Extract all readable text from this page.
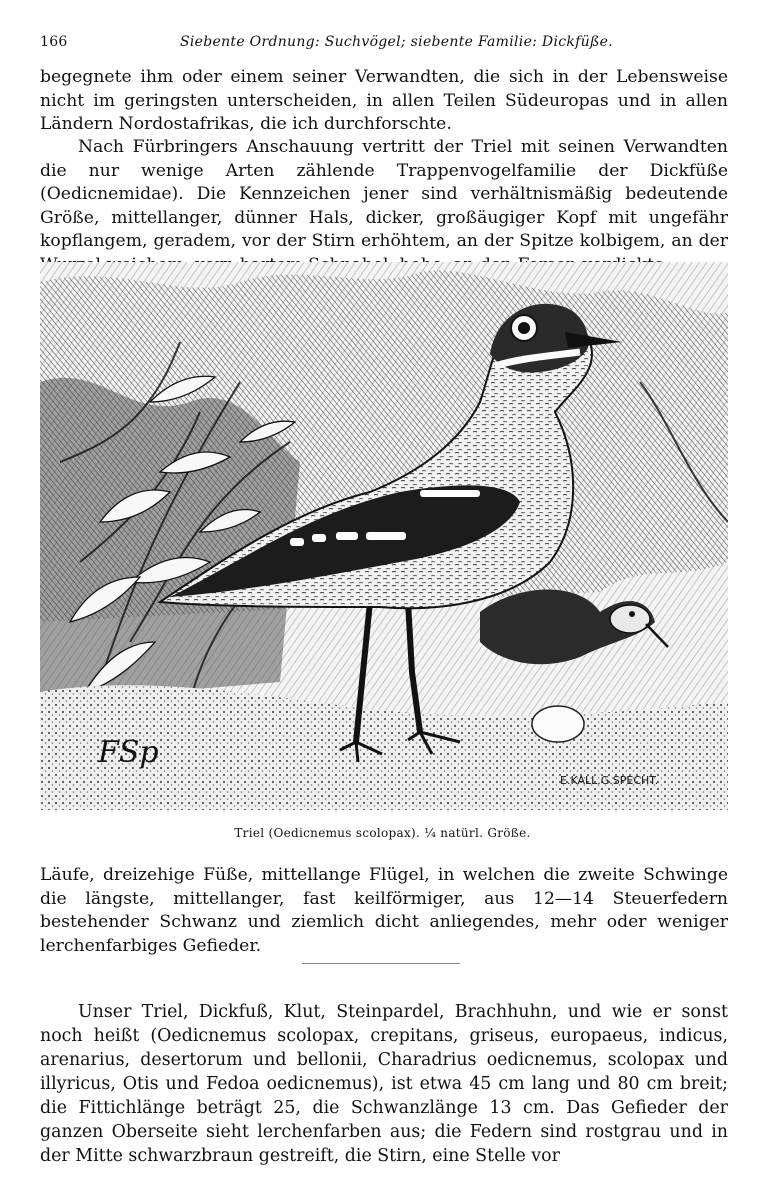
166	Siebente Ordnung: Suchvögel; siebente Familie: Dickfüße.

begegnete ihm oder einem seiner Verwandten, die sich in der Lebensweise nicht im geringsten unterscheiden, in allen Teilen Südeuropas und in allen Ländern Nordostafrikas, die ich durchforschte.

Nach Fürbringers Anschauung vertritt der Triel mit seinen Verwandten die nur wenige Arten zählende Trappenvogelfamilie der Dickfüße (Oedicnemidae). Die Kennzeichen jener sind verhältnismäßig bedeutende Größe, mittellanger, dünner Hals, dicker, großäugiger Kopf mit ungefähr kopflangem, geradem, vor der Stirn erhöhtem, an der Spitze kolbigem, an der

FSp
E.KALL.G.SPECHT.
Triel (Oedicnemus scolopax). ¼ natürl. Größe.

Läufe, dreizehige Füße, mittellange Flügel, in welchen die zweite Schwinge die längste, mittellanger, fast keilförmiger, aus 12—14 Steuerfedern bestehender Schwanz und ziemlich dicht anliegendes, mehr oder weniger lerchenfarbiges Gefieder.

Unser Triel, Dickfuß, Klut, Steinpardel, Brachhuhn, und wie er sonst noch heißt (Oedicnemus scolopax, crepitans, griseus, europaeus, indicus, arenarius, desertorum und bellonii, Charadrius oedicnemus, scolopax und illyricus, Otis und Fedoa oedicnemus), ist etwa 45 cm lang und 80 cm breit; die Fittichlänge beträgt 25, die Schwanzlänge 13 cm. Das Gefieder der ganzen Oberseite sieht lerchenfarben aus; die Federn sind rostgrau und in der Mitte schwarzbraun gestreift, die Stirn, eine Stelle vor
